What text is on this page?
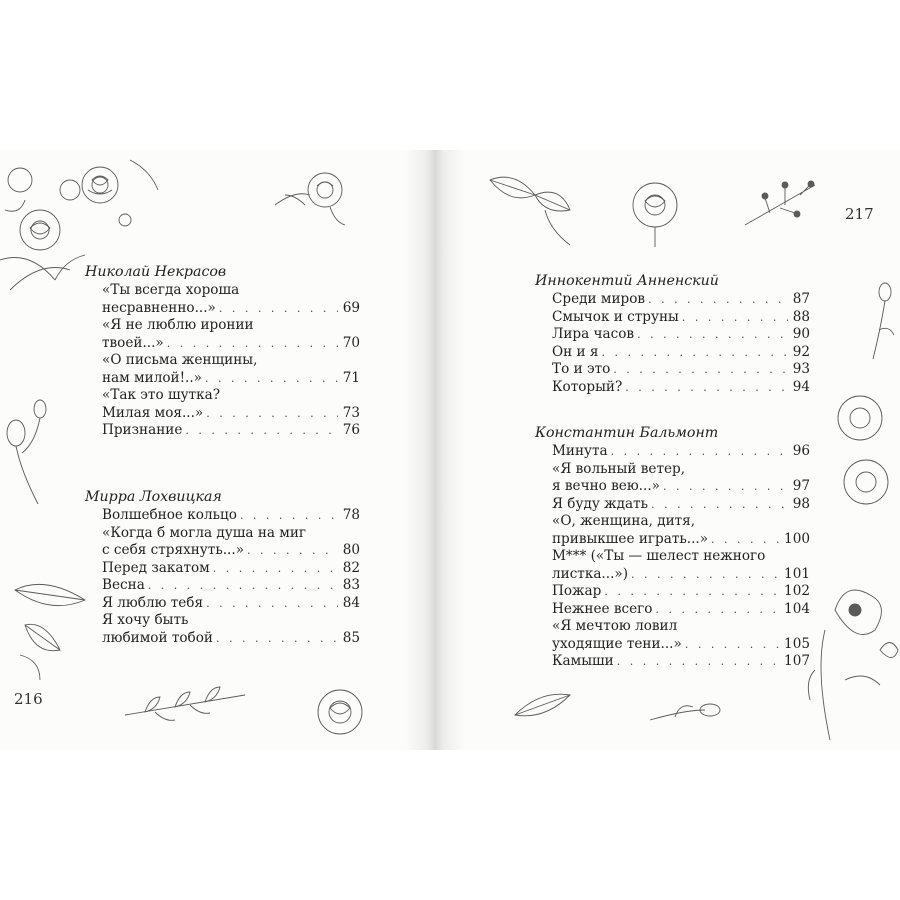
216
Николай Некрасов
«Ты всегда хороша
несравненно...» . . .	69
«Я не люблю иронии
твоей...» . . .	70
«О письма женщины,
нам милой!..» . . .	71
«Так это шутка?
Милая моя...» . . .	73
Признание . . .	76
Мирра Лохвицкая
Волшебное кольцо . . .	78
«Когда б могла душа на миг
с себя стряхнуть...» . . .	80
Перед закатом . . .	82
Весна . . .	83
Я люблю тебя . . .	84
Я хочу быть
любимой тобой . . .	85
217
Иннокентий Анненский
Среди миров . . .	87
Смычок и струны . . .	88
Лира часов . . .	90
Он и я . . .	92
То и это . . .	93
Который? . . .	94
Константин Бальмонт
Минута . . .	96
«Я вольный ветер,
я вечно вею...» . . .	97
Я буду ждать . . .	98
«О, женщина, дитя,
привыкшее играть...» . . .	100
М*** («Ты — шелест нежного
листка...») . . .	101
Пожар . . .	102
Нежнее всего . . .	104
«Я мечтою ловил
уходящие тени...» . . .	105
Камыши . . .	107
